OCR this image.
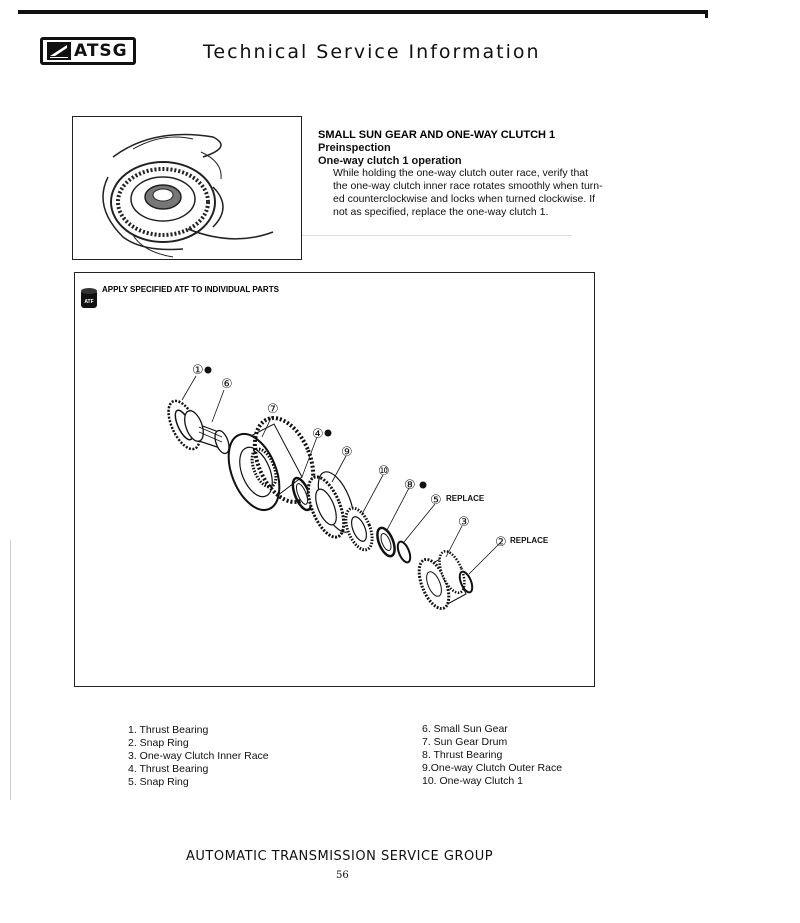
ATSG	Technical Service Information
SMALL SUN GEAR AND ONE-WAY CLUTCH 1
Preinspection
One-way clutch 1 operation
While holding the one-way clutch outer race, verify that
the one-way clutch inner race rotates smoothly when turn-
ed counterclockwise and locks when turned clockwise. If
not as specified, replace the one-way clutch 1.
ATF
APPLY SPECIFIED ATF TO INDIVIDUAL PARTS
①
⑥
⑦
④
⑨
⑩
⑧
⑤
③
②
REPLACE
REPLACE
1. Thrust Bearing
2. Snap Ring
3. One-way Clutch Inner Race
4. Thrust Bearing
5. Snap Ring
6. Small Sun Gear
7. Sun Gear Drum
8. Thrust Bearing
9.One-way Clutch Outer Race
10. One-way Clutch 1
AUTOMATIC TRANSMISSION SERVICE GROUP
56
